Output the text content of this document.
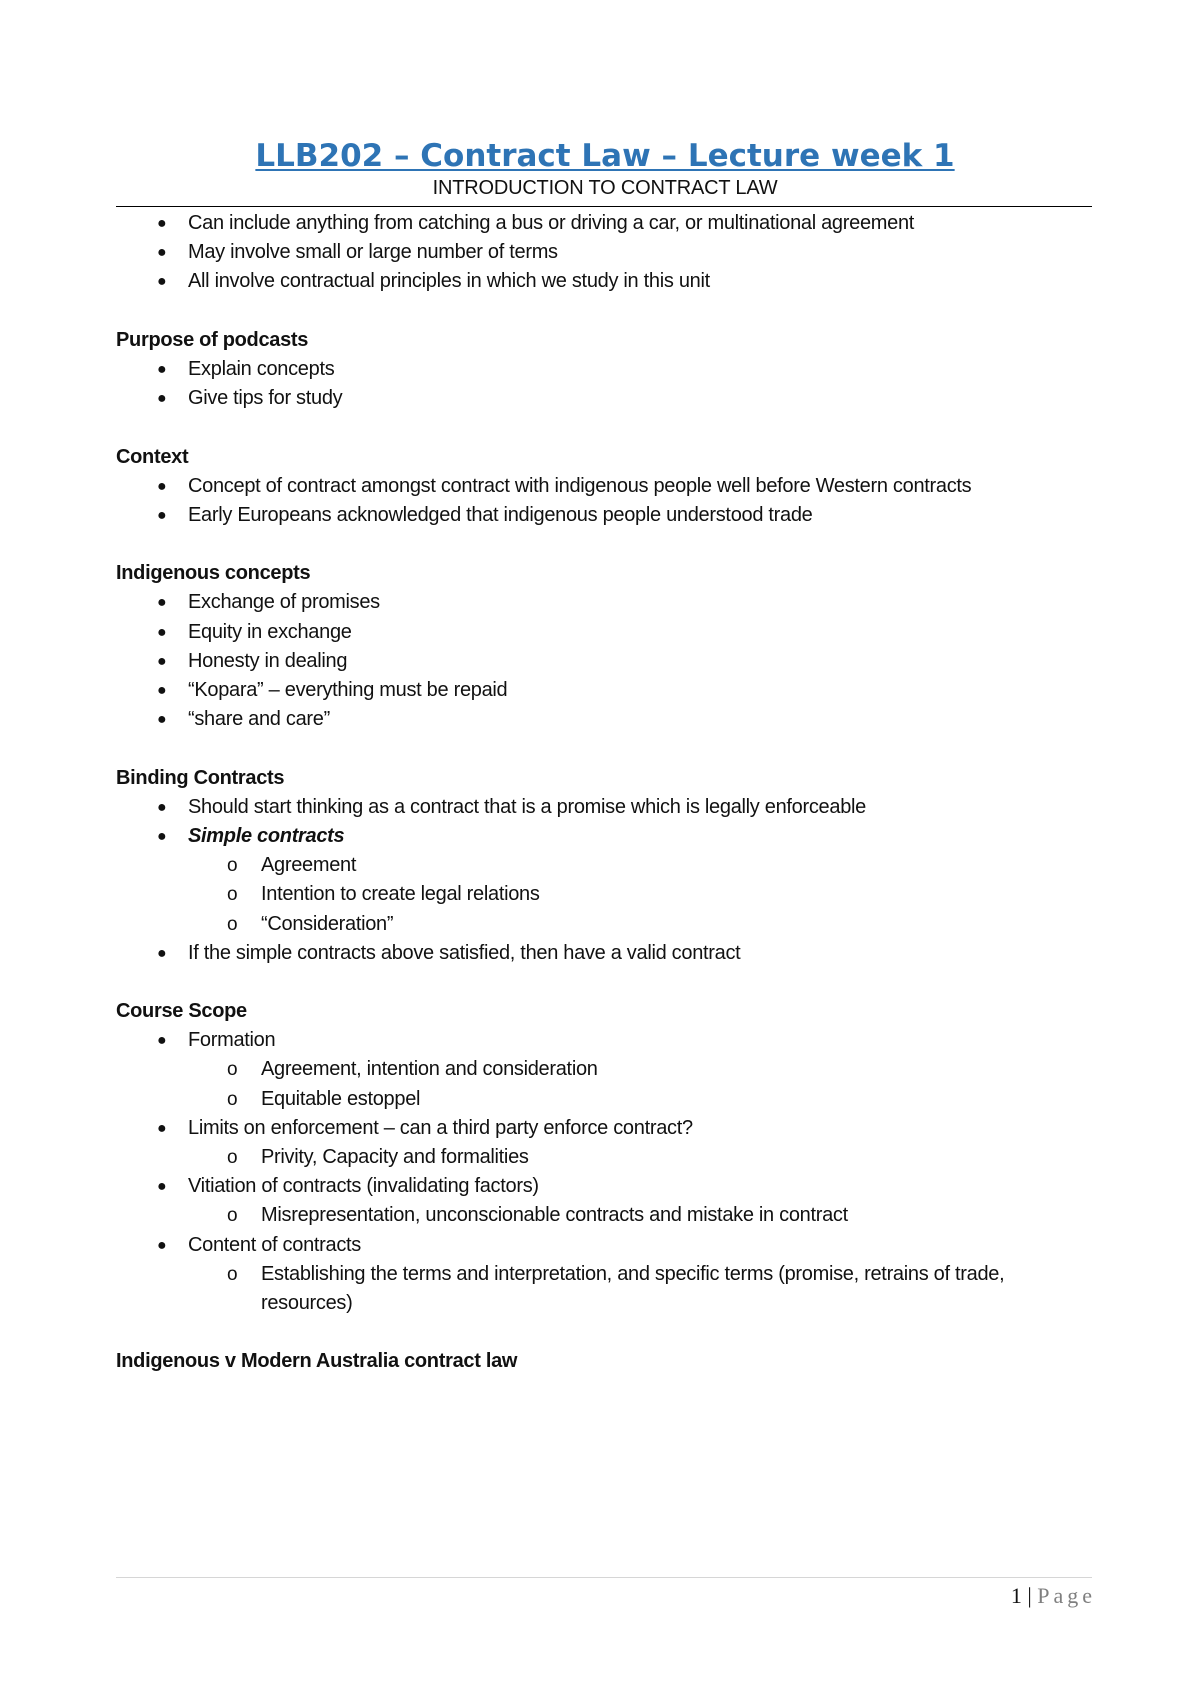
LLB202 – Contract Law – Lecture week 1
INTRODUCTION TO CONTRACT LAW
● Can include anything from catching a bus or driving a car, or multinational agreement
● May involve small or large number of terms
● All involve contractual principles in which we study in this unit
Purpose of podcasts
● Explain concepts
● Give tips for study
Context
● Concept of contract amongst contract with indigenous people well before Western contracts
● Early Europeans acknowledged that indigenous people understood trade
Indigenous concepts
● Exchange of promises
● Equity in exchange
● Honesty in dealing
● “Kopara” – everything must be repaid
● “share and care”
Binding Contracts
● Should start thinking as a contract that is a promise which is legally enforceable
● Simple contracts
o Agreement
o Intention to create legal relations
o “Consideration”
● If the simple contracts above satisfied, then have a valid contract
Course Scope
● Formation
o Agreement, intention and consideration
o Equitable estoppel
● Limits on enforcement – can a third party enforce contract?
o Privity, Capacity and formalities
● Vitiation of contracts (invalidating factors)
o Misrepresentation, unconscionable contracts and mistake in contract
● Content of contracts
o Establishing the terms and interpretation, and specific terms (promise, retrains of trade,
resources)
Indigenous v Modern Australia contract law
1 | Page
